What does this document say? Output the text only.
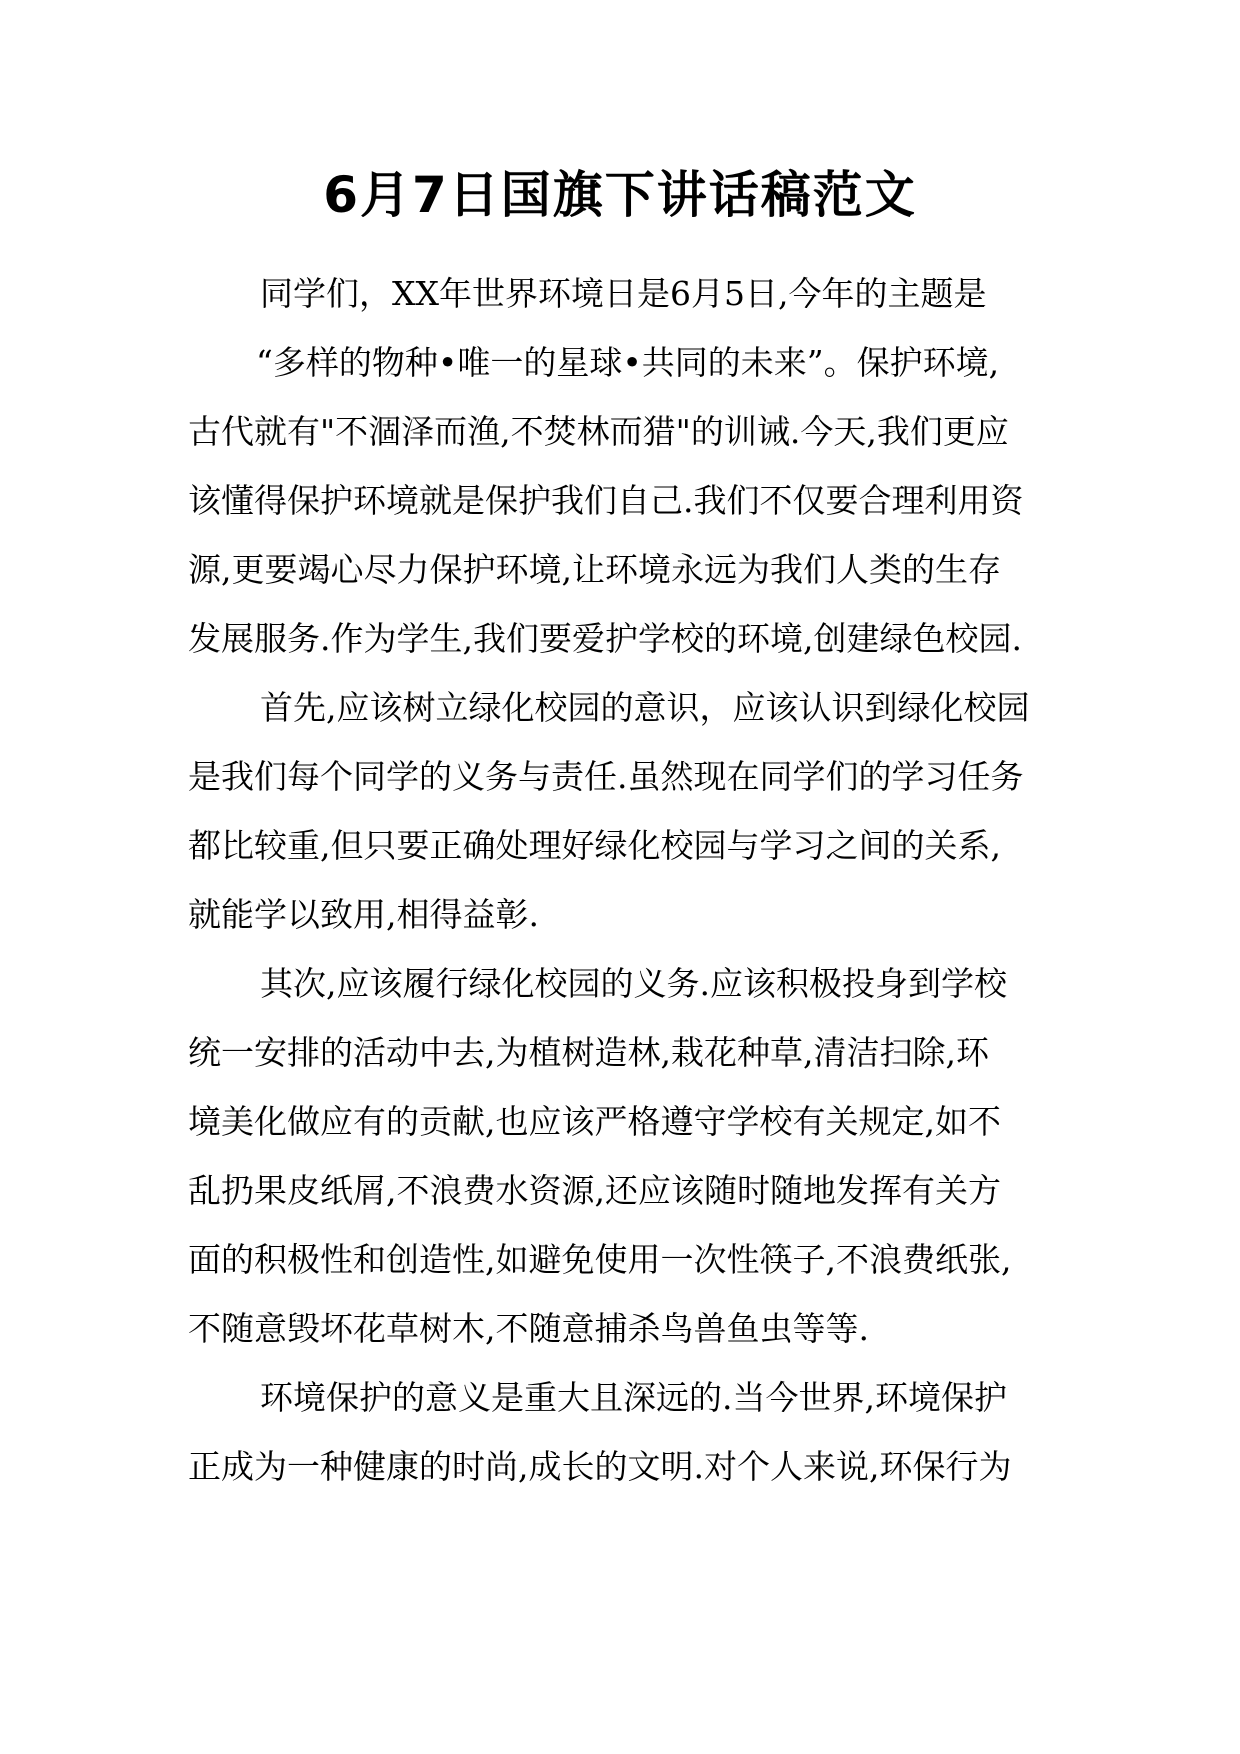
6月7日国旗下讲话稿范文
同学们，XX年世界环境日是6月5日,今年的主题是
“多样的物种•唯一的星球•共同的未来”。保护环境,
古代就有"不涸泽而渔,不焚林而猎"的训诫.今天,我们更应
该懂得保护环境就是保护我们自己.我们不仅要合理利用资
源,更要竭心尽力保护环境,让环境永远为我们人类的生存
发展服务.作为学生,我们要爱护学校的环境,创建绿色校园.
首先,应该树立绿化校园的意识，应该认识到绿化校园
是我们每个同学的义务与责任.虽然现在同学们的学习任务
都比较重,但只要正确处理好绿化校园与学习之间的关系,
就能学以致用,相得益彰.
其次,应该履行绿化校园的义务.应该积极投身到学校
统一安排的活动中去,为植树造林,栽花种草,清洁扫除,环
境美化做应有的贡献,也应该严格遵守学校有关规定,如不
乱扔果皮纸屑,不浪费水资源,还应该随时随地发挥有关方
面的积极性和创造性,如避免使用一次性筷子,不浪费纸张,
不随意毁坏花草树木,不随意捕杀鸟兽鱼虫等等.
环境保护的意义是重大且深远的.当今世界,环境保护
正成为一种健康的时尚,成长的文明.对个人来说,环保行为
